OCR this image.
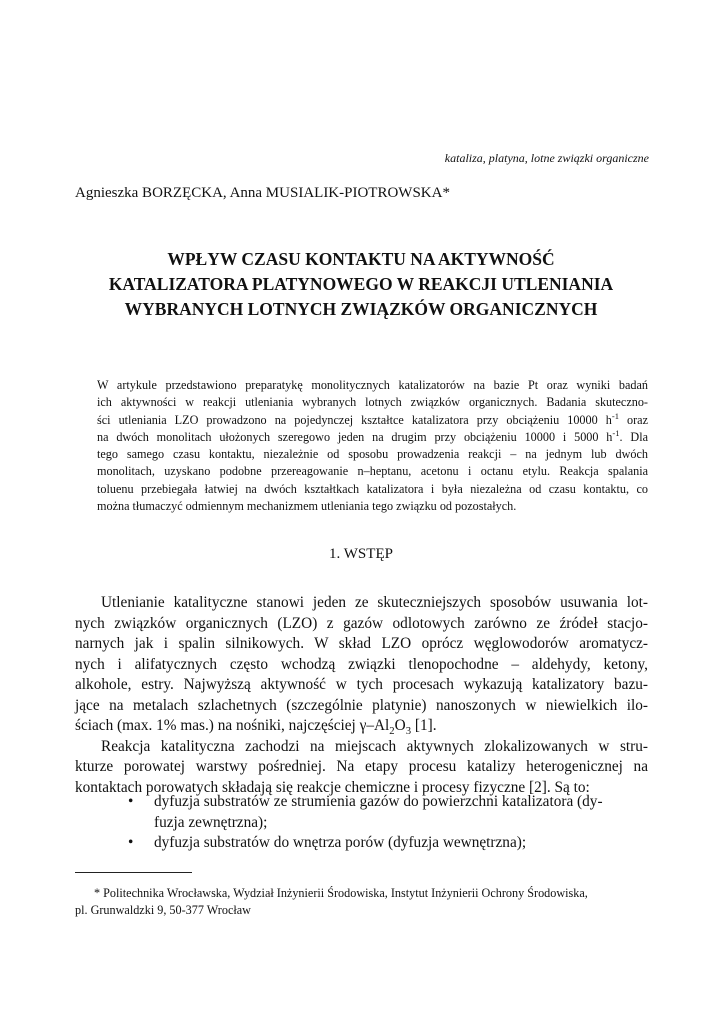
kataliza, platyna, lotne związki organiczne
Agnieszka BORZĘCKA, Anna MUSIALIK-PIOTROWSKA*
WPŁYW CZASU KONTAKTU NA AKTYWNOŚĆ
KATALIZATORA PLATYNOWEGO W REAKCJI UTLENIANIA
WYBRANYCH LOTNYCH ZWIĄZKÓW ORGANICZNYCH
W artykule przedstawiono preparatykę monolitycznych katalizatorów na bazie Pt oraz wyniki badań
ich aktywności w reakcji utleniania wybranych lotnych związków organicznych. Badania skuteczno-
ści utleniania LZO prowadzono na pojedynczej kształtce katalizatora przy obciążeniu 10000 $h^{-1}$ oraz
na dwóch monolitach ułożonych szeregowo jeden na drugim przy obciążeniu 10000 i 5000 $h^{-1}$. Dla
tego samego czasu kontaktu, niezależnie od sposobu prowadzenia reakcji – na jednym lub dwóch
monolitach, uzyskano podobne przereagowanie n–heptanu, acetonu i octanu etylu. Reakcja spalania
toluenu przebiegała łatwiej na dwóch kształtkach katalizatora i była niezależna od czasu kontaktu, co
można tłumaczyć odmiennym mechanizmem utleniania tego związku od pozostałych.
1. WSTĘP
Utlenianie katalityczne stanowi jeden ze skuteczniejszych sposobów usuwania lot-
nych związków organicznych (LZO) z gazów odlotowych zarówno ze źródeł stacjo-
narnych jak i spalin silnikowych. W skład LZO oprócz węglowodorów aromatycz-
nych i alifatycznych często wchodzą związki tlenopochodne – aldehydy, ketony,
alkohole, estry. Najwyższą aktywność w tych procesach wykazują katalizatory bazu-
jące na metalach szlachetnych (szczególnie platynie) nanoszonych w niewielkich ilo-
ściach (max. 1% mas.) na nośniki, najczęściej $\gamma-Al_2O_3$ [1].
Reakcja katalityczna zachodzi na miejscach aktywnych zlokalizowanych w stru-
kturze porowatej warstwy pośredniej. Na etapy procesu katalizy heterogenicznej na
kontaktach porowatych składają się reakcje chemiczne i procesy fizyczne [2]. Są to:
•	dyfuzja substratów ze strumienia gazów do powierzchni katalizatora (dy-
fuzja zewnętrzna);
•	dyfuzja substratów do wnętrza porów (dyfuzja wewnętrzna);
* Politechnika Wrocławska, Wydział Inżynierii Środowiska, Instytut Inżynierii Ochrony Środowiska,
pl. Grunwaldzki 9, 50-377 Wrocław
